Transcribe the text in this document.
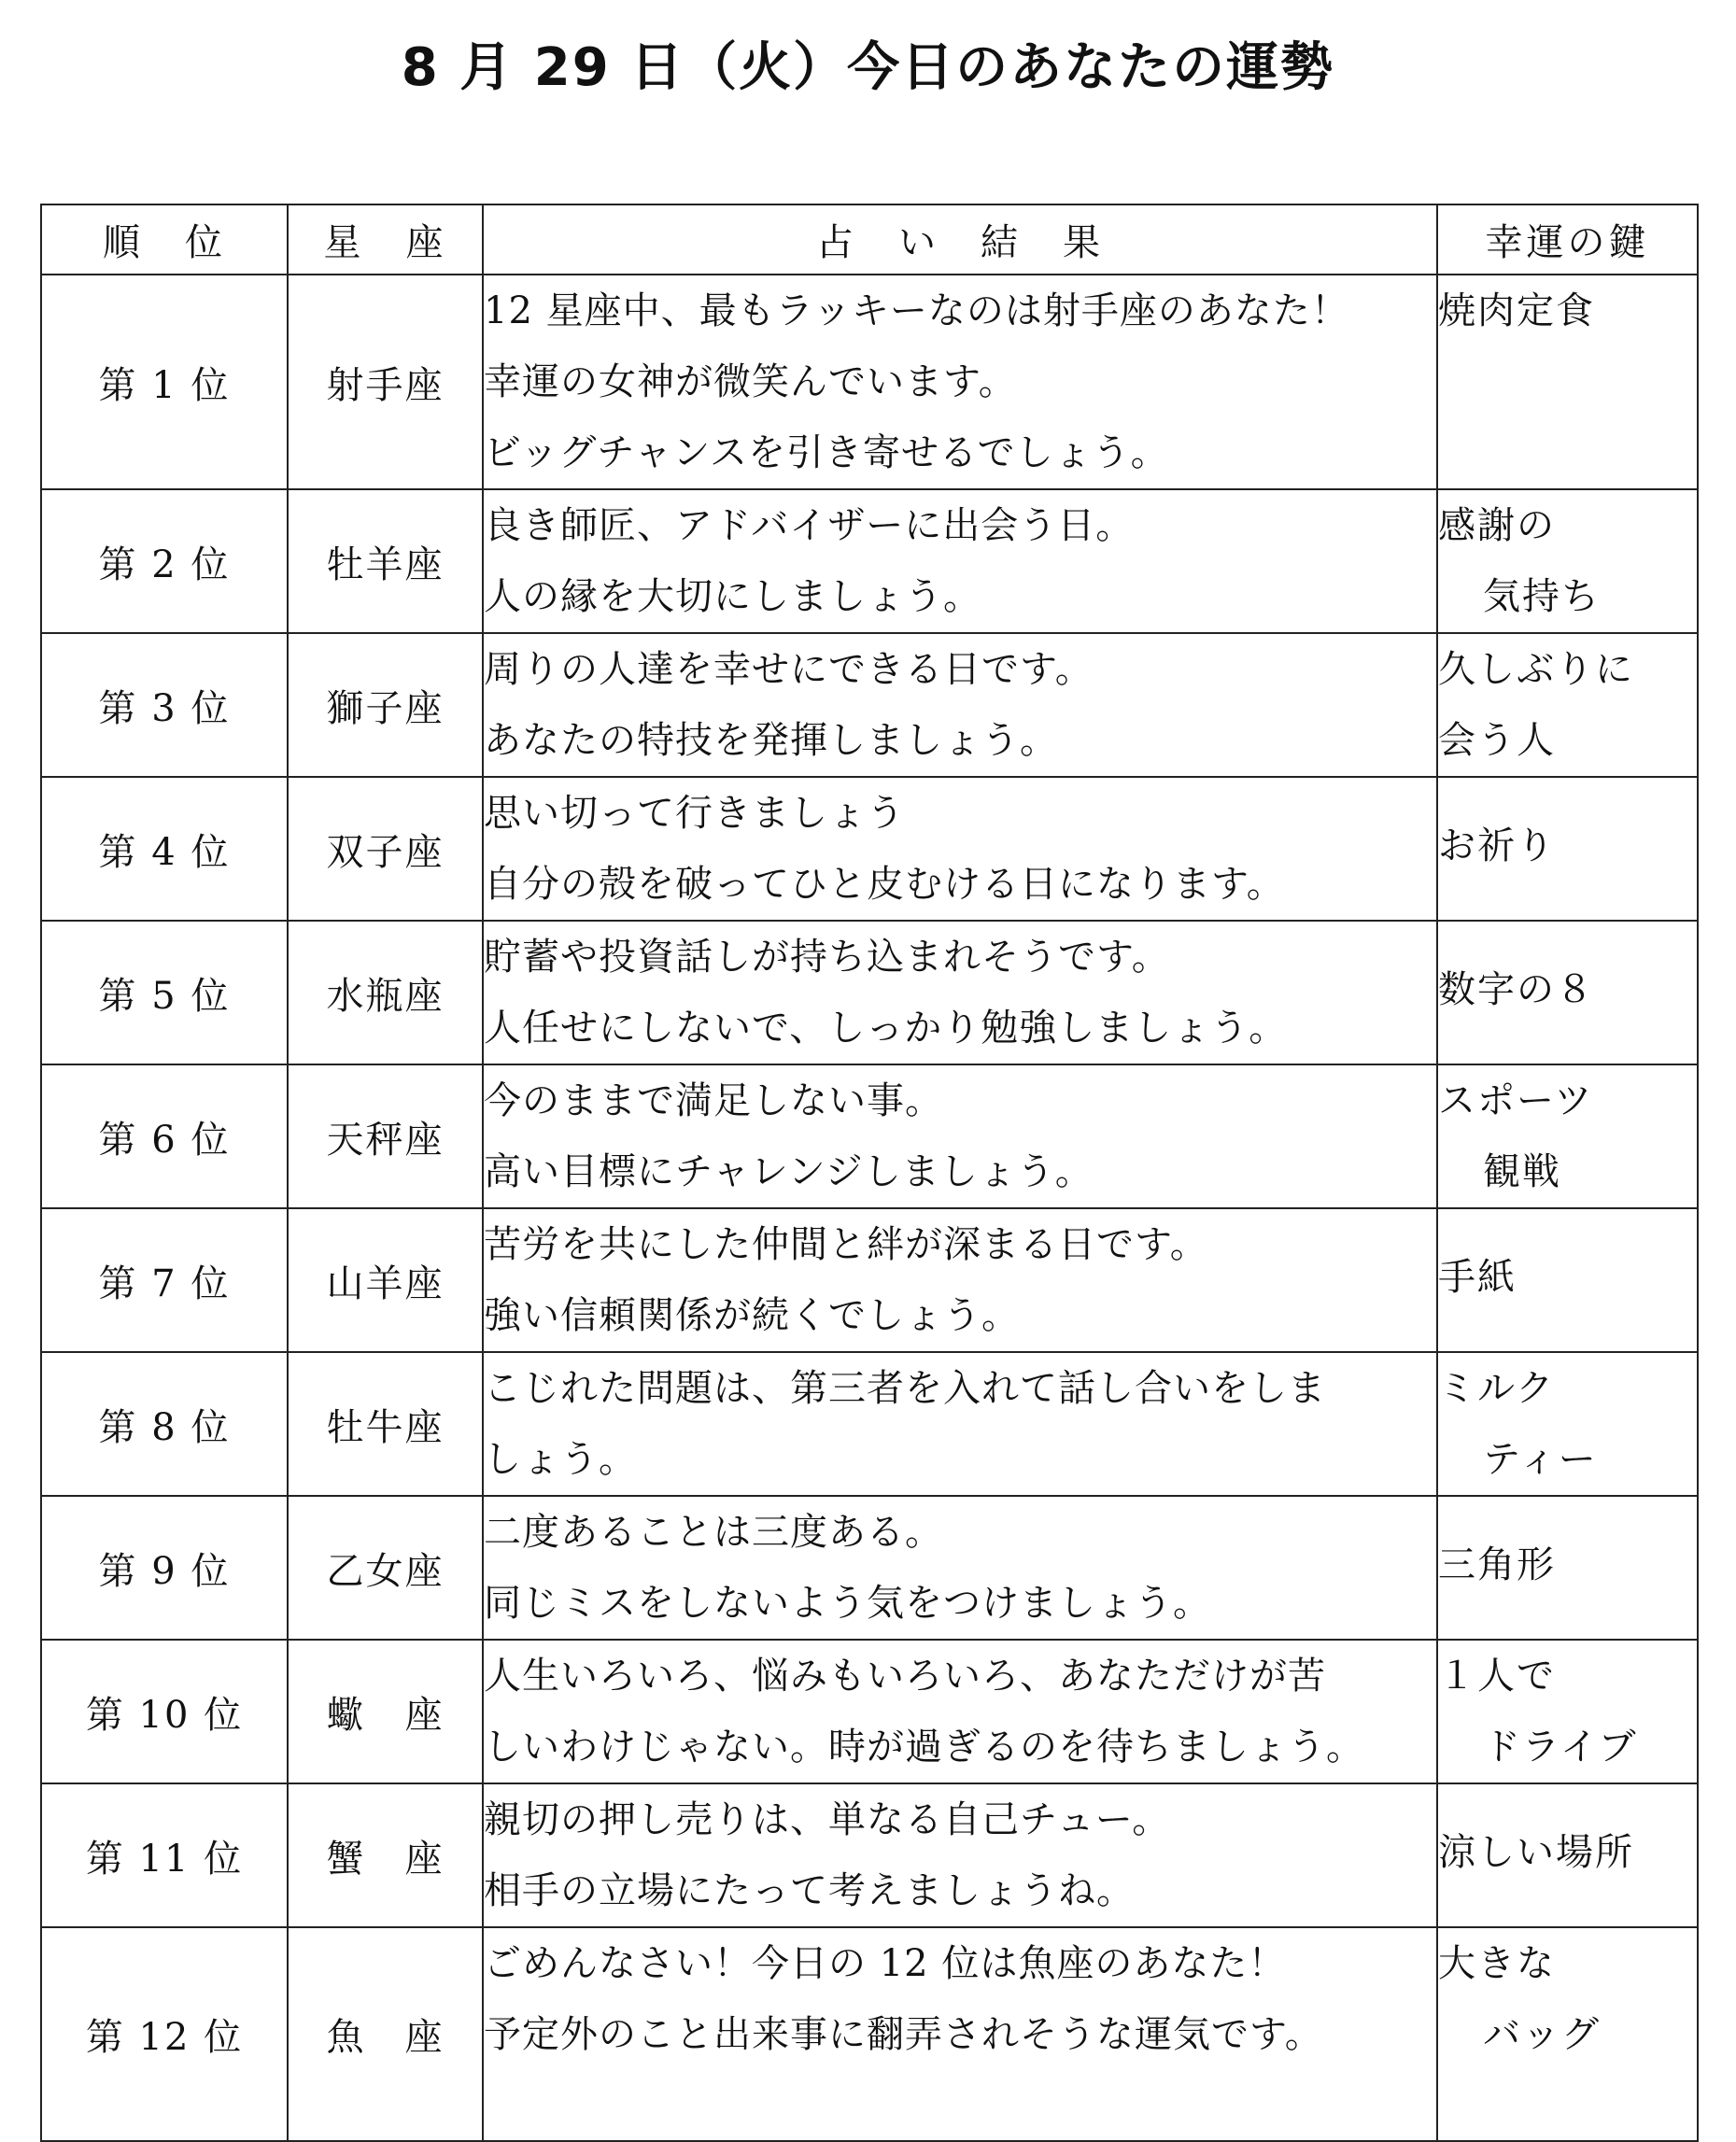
8 月 29 日（火）今日のあなたの運勢
順　位	星　座	占　い　結　果	幸運の鍵
第 1 位	射手座	12 星座中、最もラッキーなのは射手座のあなた！
幸運の女神が微笑んでいます。
ビッグチャンスを引き寄せるでしょう。	焼肉定食

第 2 位	牡羊座	良き師匠、アドバイザーに出会う日。
人の縁を大切にしましょう。	感謝の
気持ち

第 3 位	獅子座	周りの人達を幸せにできる日です。
あなたの特技を発揮しましょう。	久しぶりに
会う人

第 4 位	双子座	思い切って行きましょう
自分の殻を破ってひと皮むける日になります。	お祈り

第 5 位	水瓶座	貯蓄や投資話しが持ち込まれそうです。
人任せにしないで、しっかり勉強しましょう。	数字の８

第 6 位	天秤座	今のままで満足しない事。
高い目標にチャレンジしましょう。	スポーツ
観戦

第 7 位	山羊座	苦労を共にした仲間と絆が深まる日です。
強い信頼関係が続くでしょう。	手紙

第 8 位	牡牛座	こじれた問題は、第三者を入れて話し合いをしま
しょう。	ミルク
ティー

第 9 位	乙女座	二度あることは三度ある。
同じミスをしないよう気をつけましょう。	三角形

第 10 位	蠍　座	人生いろいろ、悩みもいろいろ、あなただけが苦
しいわけじゃない。時が過ぎるのを待ちましょう。	１人で
ドライブ

第 11 位	蟹　座	親切の押し売りは、単なる自己チュー。
相手の立場にたって考えましょうね。	涼しい場所

第 12 位	魚　座	ごめんなさい！今日の 12 位は魚座のあなた！
予定外のこと出来事に翻弄されそうな運気です。	大きな
バッグ
